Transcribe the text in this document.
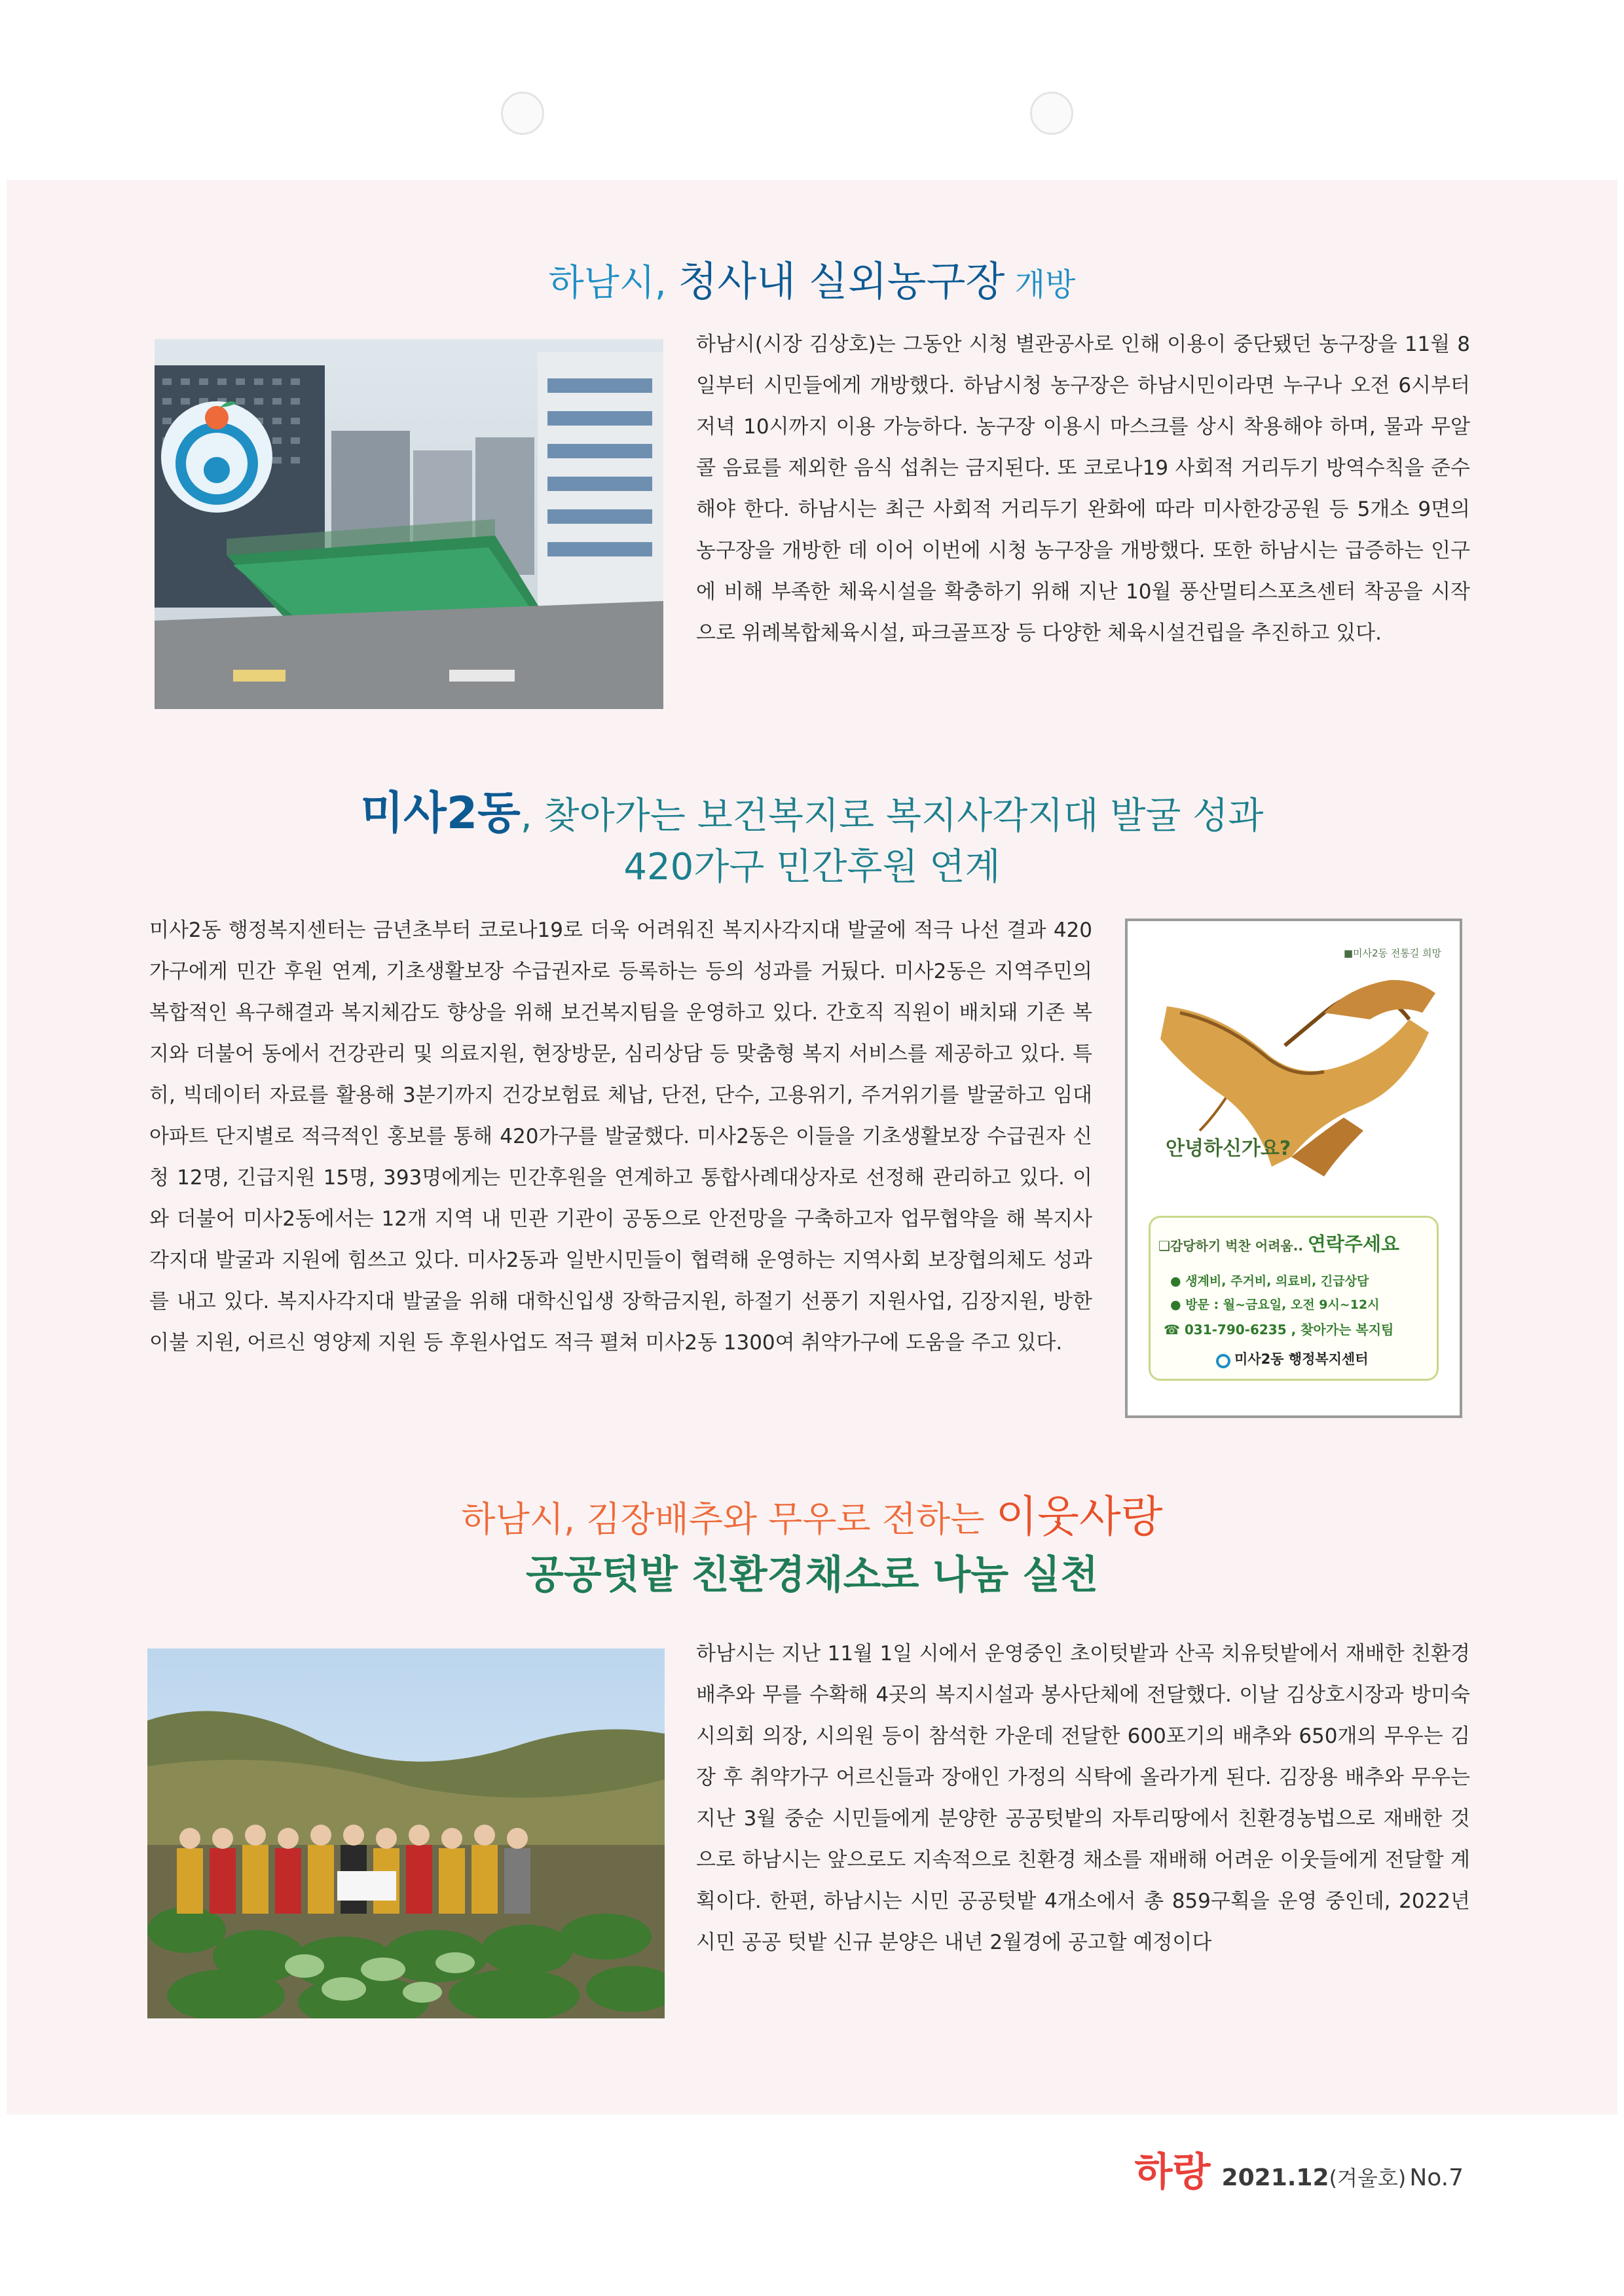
하남시, 청사내 실외농구장 개방
하남시(시장 김상호)는 그동안 시청 별관공사로 인해 이용이 중단됐던 농구장을 11월 8일부터 시민들에게 개방했다. 하남시청 농구장은 하남시민이라면 누구나 오전 6시부터 저녁 10시까지 이용 가능하다. 농구장 이용시 마스크를 상시 착용해야 하며, 물과 무알콜 음료를 제외한 음식 섭취는 금지된다. 또 코로나19 사회적 거리두기 방역수칙을 준수해야 한다. 하남시는 최근 사회적 거리두기 완화에 따라 미사한강공원 등 5개소 9면의 농구장을 개방한 데 이어 이번에 시청 농구장을 개방했다. 또한 하남시는 급증하는 인구에 비해 부족한 체육시설을 확충하기 위해 지난 10월 풍산멀티스포츠센터 착공을 시작으로 위례복합체육시설, 파크골프장 등 다양한 체육시설건립을 추진하고 있다.
미사2동, 찾아가는 보건복지로 복지사각지대 발굴 성과
420가구 민간후원 연계
미사2동 행정복지센터는 금년초부터 코로나19로 더욱 어려워진 복지사각지대 발굴에 적극 나선 결과 420가구에게 민간 후원 연계, 기초생활보장 수급권자로 등록하는 등의 성과를 거뒀다. 미사2동은 지역주민의 복합적인 욕구해결과 복지체감도 향상을 위해 보건복지팀을 운영하고 있다. 간호직 직원이 배치돼 기존 복지와 더불어 동에서 건강관리 및 의료지원, 현장방문, 심리상담 등 맞춤형 복지 서비스를 제공하고 있다. 특히, 빅데이터 자료를 활용해 3분기까지 건강보험료 체납, 단전, 단수, 고용위기, 주거위기를 발굴하고 임대아파트 단지별로 적극적인 홍보를 통해 420가구를 발굴했다. 미사2동은 이들을 기초생활보장 수급권자 신청 12명, 긴급지원 15명, 393명에게는 민간후원을 연계하고 통합사례대상자로 선정해 관리하고 있다. 이와 더불어 미사2동에서는 12개 지역 내 민관 기관이 공동으로 안전망을 구축하고자 업무협약을 해 복지사각지대 발굴과 지원에 힘쓰고 있다. 미사2동과 일반시민들이 협력해 운영하는 지역사회 보장협의체도 성과를 내고 있다. 복지사각지대 발굴을 위해 대학신입생 장학금지원, 하절기 선풍기 지원사업, 김장지원, 방한이불 지원, 어르신 영양제 지원 등 후원사업도 적극 펼쳐 미사2동 1300여 취약가구에 도움을 주고 있다.
■미사2동 전통길 희망
안녕하신가요?
❑감당하기 벅찬 어려움.. 연락주세요
● 생계비, 주거비, 의료비, 긴급상담
● 방문 : 월~금요일, 오전 9시~12시
☎ 031-790-6235 , 찾아가는 복지팀
미사2동 행정복지센터
하남시, 김장배추와 무우로 전하는 이웃사랑
공공텃밭 친환경채소로 나눔 실천
하남시는 지난 11월 1일 시에서 운영중인 초이텃밭과 산곡 치유텃밭에서 재배한 친환경 배추와 무를 수확해 4곳의 복지시설과 봉사단체에 전달했다. 이날 김상호시장과 방미숙 시의회 의장, 시의원 등이 참석한 가운데 전달한 600포기의 배추와 650개의 무우는 김장 후 취약가구 어르신들과 장애인 가정의 식탁에 올라가게 된다. 김장용 배추와 무우는 지난 3월 중순 시민들에게 분양한 공공텃밭의 자투리땅에서 친환경농법으로 재배한 것으로 하남시는 앞으로도 지속적으로 친환경 채소를 재배해 어려운 이웃들에게 전달할 계획이다. 한편, 하남시는 시민 공공텃밭 4개소에서 총 859구획을 운영 중인데, 2022년 시민 공공 텃밭 신규 분양은 내년 2월경에 공고할 예정이다
하랑 2021.12(겨울호) No.7
